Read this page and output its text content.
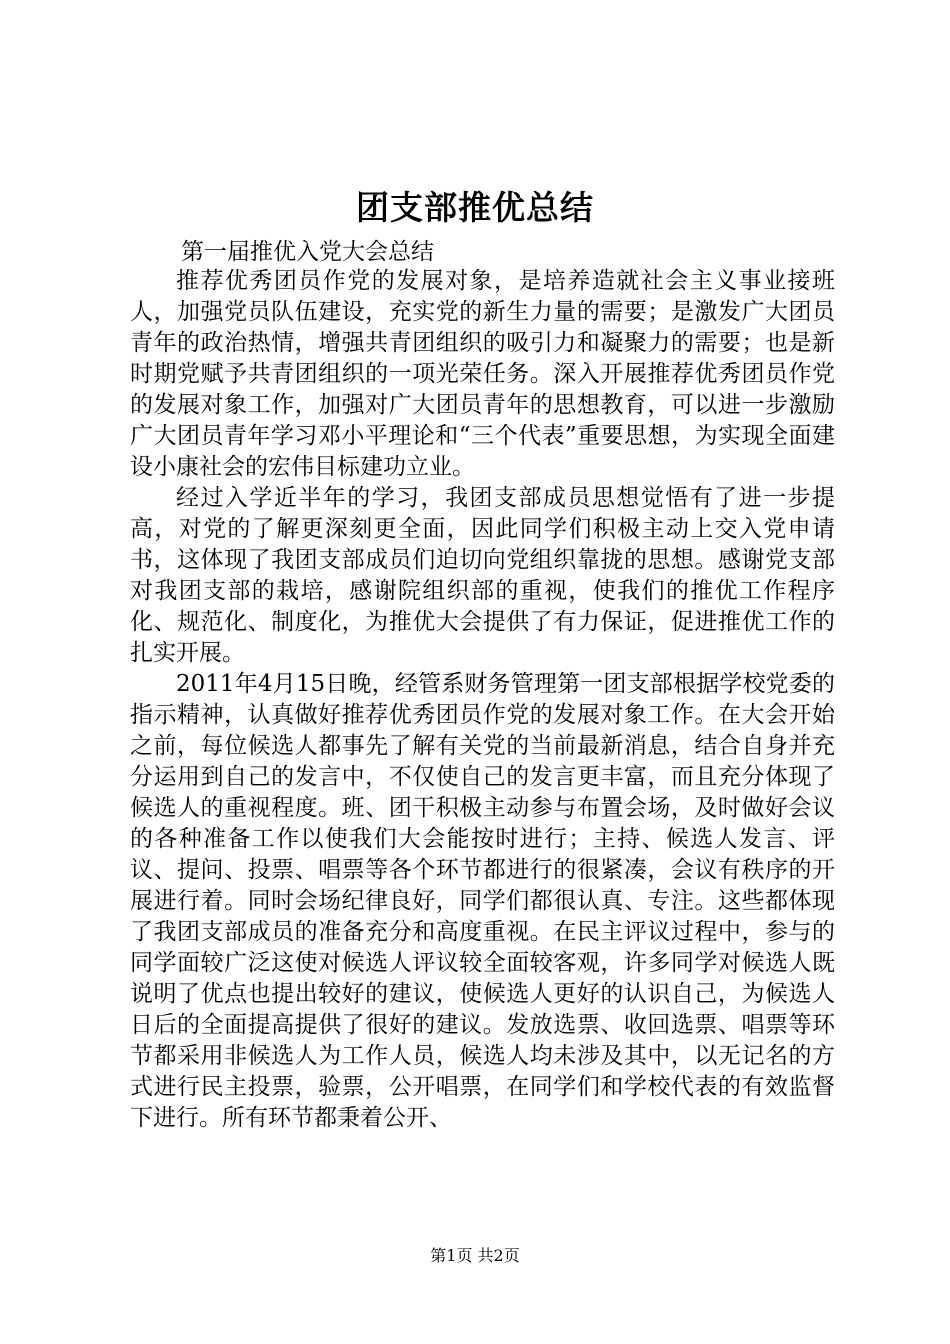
团支部推优总结
第一届推优入党大会总结

推荐优秀团员作党的发展对象，是培养造就社会主义事业接班人，加强党员队伍建设，充实党的新生力量的需要；是激发广大团员青年的政治热情，增强共青团组织的吸引力和凝聚力的需要；也是新时期党赋予共青团组织的一项光荣任务。深入开展推荐优秀团员作党的发展对象工作，加强对广大团员青年的思想教育，可以进一步激励广大团员青年学习邓小平理论和“三个代表”重要思想，为实现全面建设小康社会的宏伟目标建功立业。

经过入学近半年的学习，我团支部成员思想觉悟有了进一步提高，对党的了解更深刻更全面，因此同学们积极主动上交入党申请书，这体现了我团支部成员们迫切向党组织靠拢的思想。感谢党支部对我团支部的栽培，感谢院组织部的重视，使我们的推优工作程序化、规范化、制度化，为推优大会提供了有力保证，促进推优工作的扎实开展。

2011年4月15日晚，经管系财务管理第一团支部根据学校党委的指示精神，认真做好推荐优秀团员作党的发展对象工作。在大会开始之前，每位候选人都事先了解有关党的当前最新消息，结合自身并充分运用到自己的发言中，不仅使自己的发言更丰富，而且充分体现了候选人的重视程度。班、团干积极主动参与布置会场，及时做好会议的各种准备工作以使我们大会能按时进行；主持、候选人发言、评议、提问、投票、唱票等各个环节都进行的很紧凑，会议有秩序的开展进行着。同时会场纪律良好，同学们都很认真、专注。这些都体现了我团支部成员的准备充分和高度重视。在民主评议过程中，参与的同学面较广泛这使对候选人评议较全面较客观，许多同学对候选人既说明了优点也提出较好的建议，使候选人更好的认识自己，为候选人日后的全面提高提供了很好的建议。发放选票、收回选票、唱票等环节都采用非候选人为工作人员，候选人均未涉及其中，以无记名的方式进行民主投票，验票，公开唱票，在同学们和学校代表的有效监督下进行。所有环节都秉着公开、

第1页 共2页
